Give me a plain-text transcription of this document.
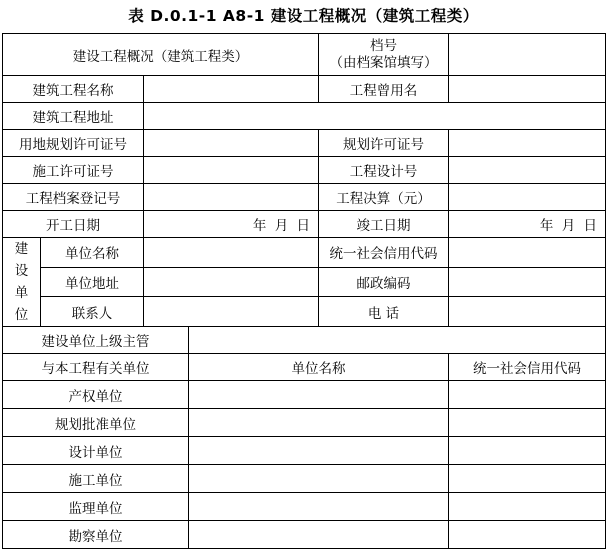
表 D.0.1-1 A8-1 建设工程概况（建筑工程类）
建设工程概况（建筑工程类）				档号
（由档案馆填写）	

建筑工程名称				工程曾用名	
建筑工程地址					
用地规划许可证号				规划许可证号	
施工许可证号				工程设计号	
工程档案登记号				工程决算（元）	
开工日期		年 月 日		竣工日期	年 月 日

建
设
单
位	单位名称			统一社会信用代码	
	单位地址			邮政编码	
	联系人			电 话	
建设单位上级主管					
与本工程有关单位			单位名称		统一社会信用代码
产权单位					
规划批准单位					
设计单位					
施工单位					
监理单位					
勘察单位					
